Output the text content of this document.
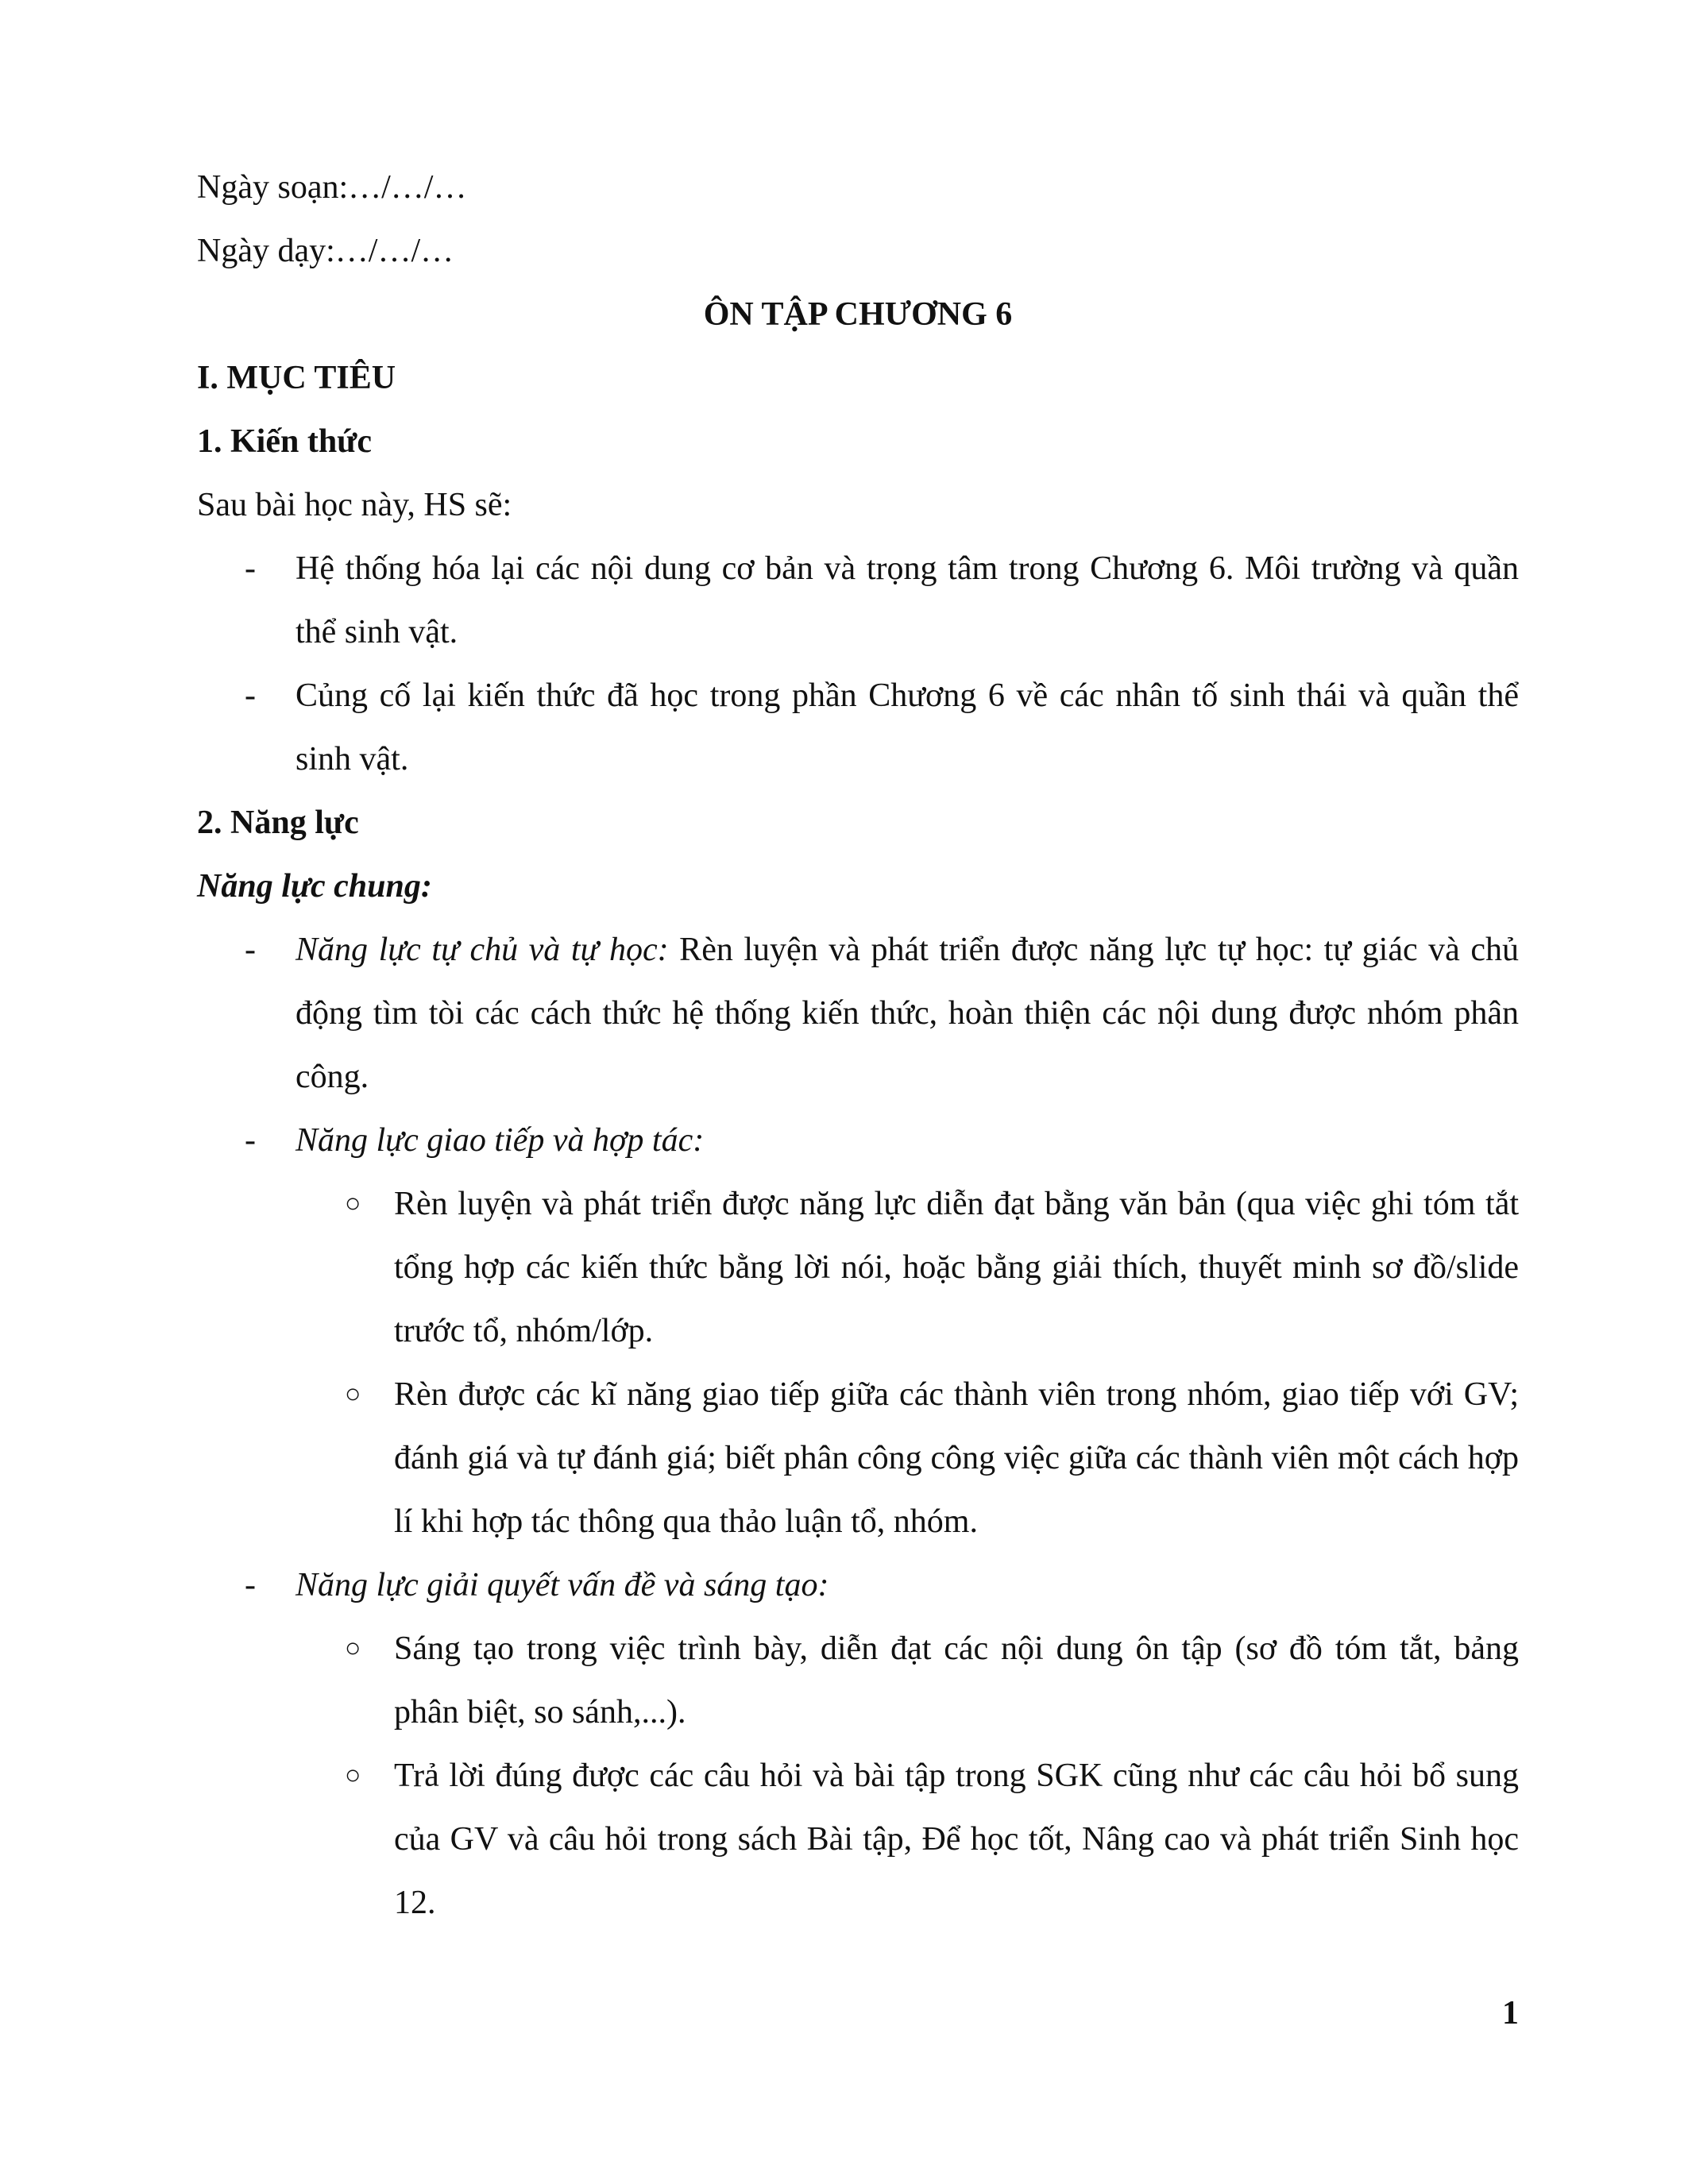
Ngày soạn:…/…/…
Ngày dạy:…/…/…
ÔN TẬP CHƯƠNG 6
I. MỤC TIÊU
1. Kiến thức
Sau bài học này, HS sẽ:
- Hệ thống hóa lại các nội dung cơ bản và trọng tâm trong Chương 6. Môi trường và quần thể sinh vật.

- Củng cố lại kiến thức đã học trong phần Chương 6 về các nhân tố sinh thái và quần thể sinh vật.

2. Năng lực
Năng lực chung:
- Năng lực tự chủ và tự học: Rèn luyện và phát triển được năng lực tự học: tự giác và chủ động tìm tòi các cách thức hệ thống kiến thức, hoàn thiện các nội dung được nhóm phân công.

- Năng lực giao tiếp và hợp tác:

○ Rèn luyện và phát triển được năng lực diễn đạt bằng văn bản (qua việc ghi tóm tắt tổng hợp các kiến thức bằng lời nói, hoặc bằng giải thích, thuyết minh sơ đồ/slide trước tổ, nhóm/lớp.

○ Rèn được các kĩ năng giao tiếp giữa các thành viên trong nhóm, giao tiếp với GV; đánh giá và tự đánh giá; biết phân công công việc giữa các thành viên một cách hợp lí khi hợp tác thông qua thảo luận tổ, nhóm.

- Năng lực giải quyết vấn đề và sáng tạo:

○ Sáng tạo trong việc trình bày, diễn đạt các nội dung ôn tập (sơ đồ tóm tắt, bảng phân biệt, so sánh,...).

○ Trả lời đúng được các câu hỏi và bài tập trong SGK cũng như các câu hỏi bổ sung của GV và câu hỏi trong sách Bài tập, Để học tốt, Nâng cao và phát triển Sinh học 12.

1
